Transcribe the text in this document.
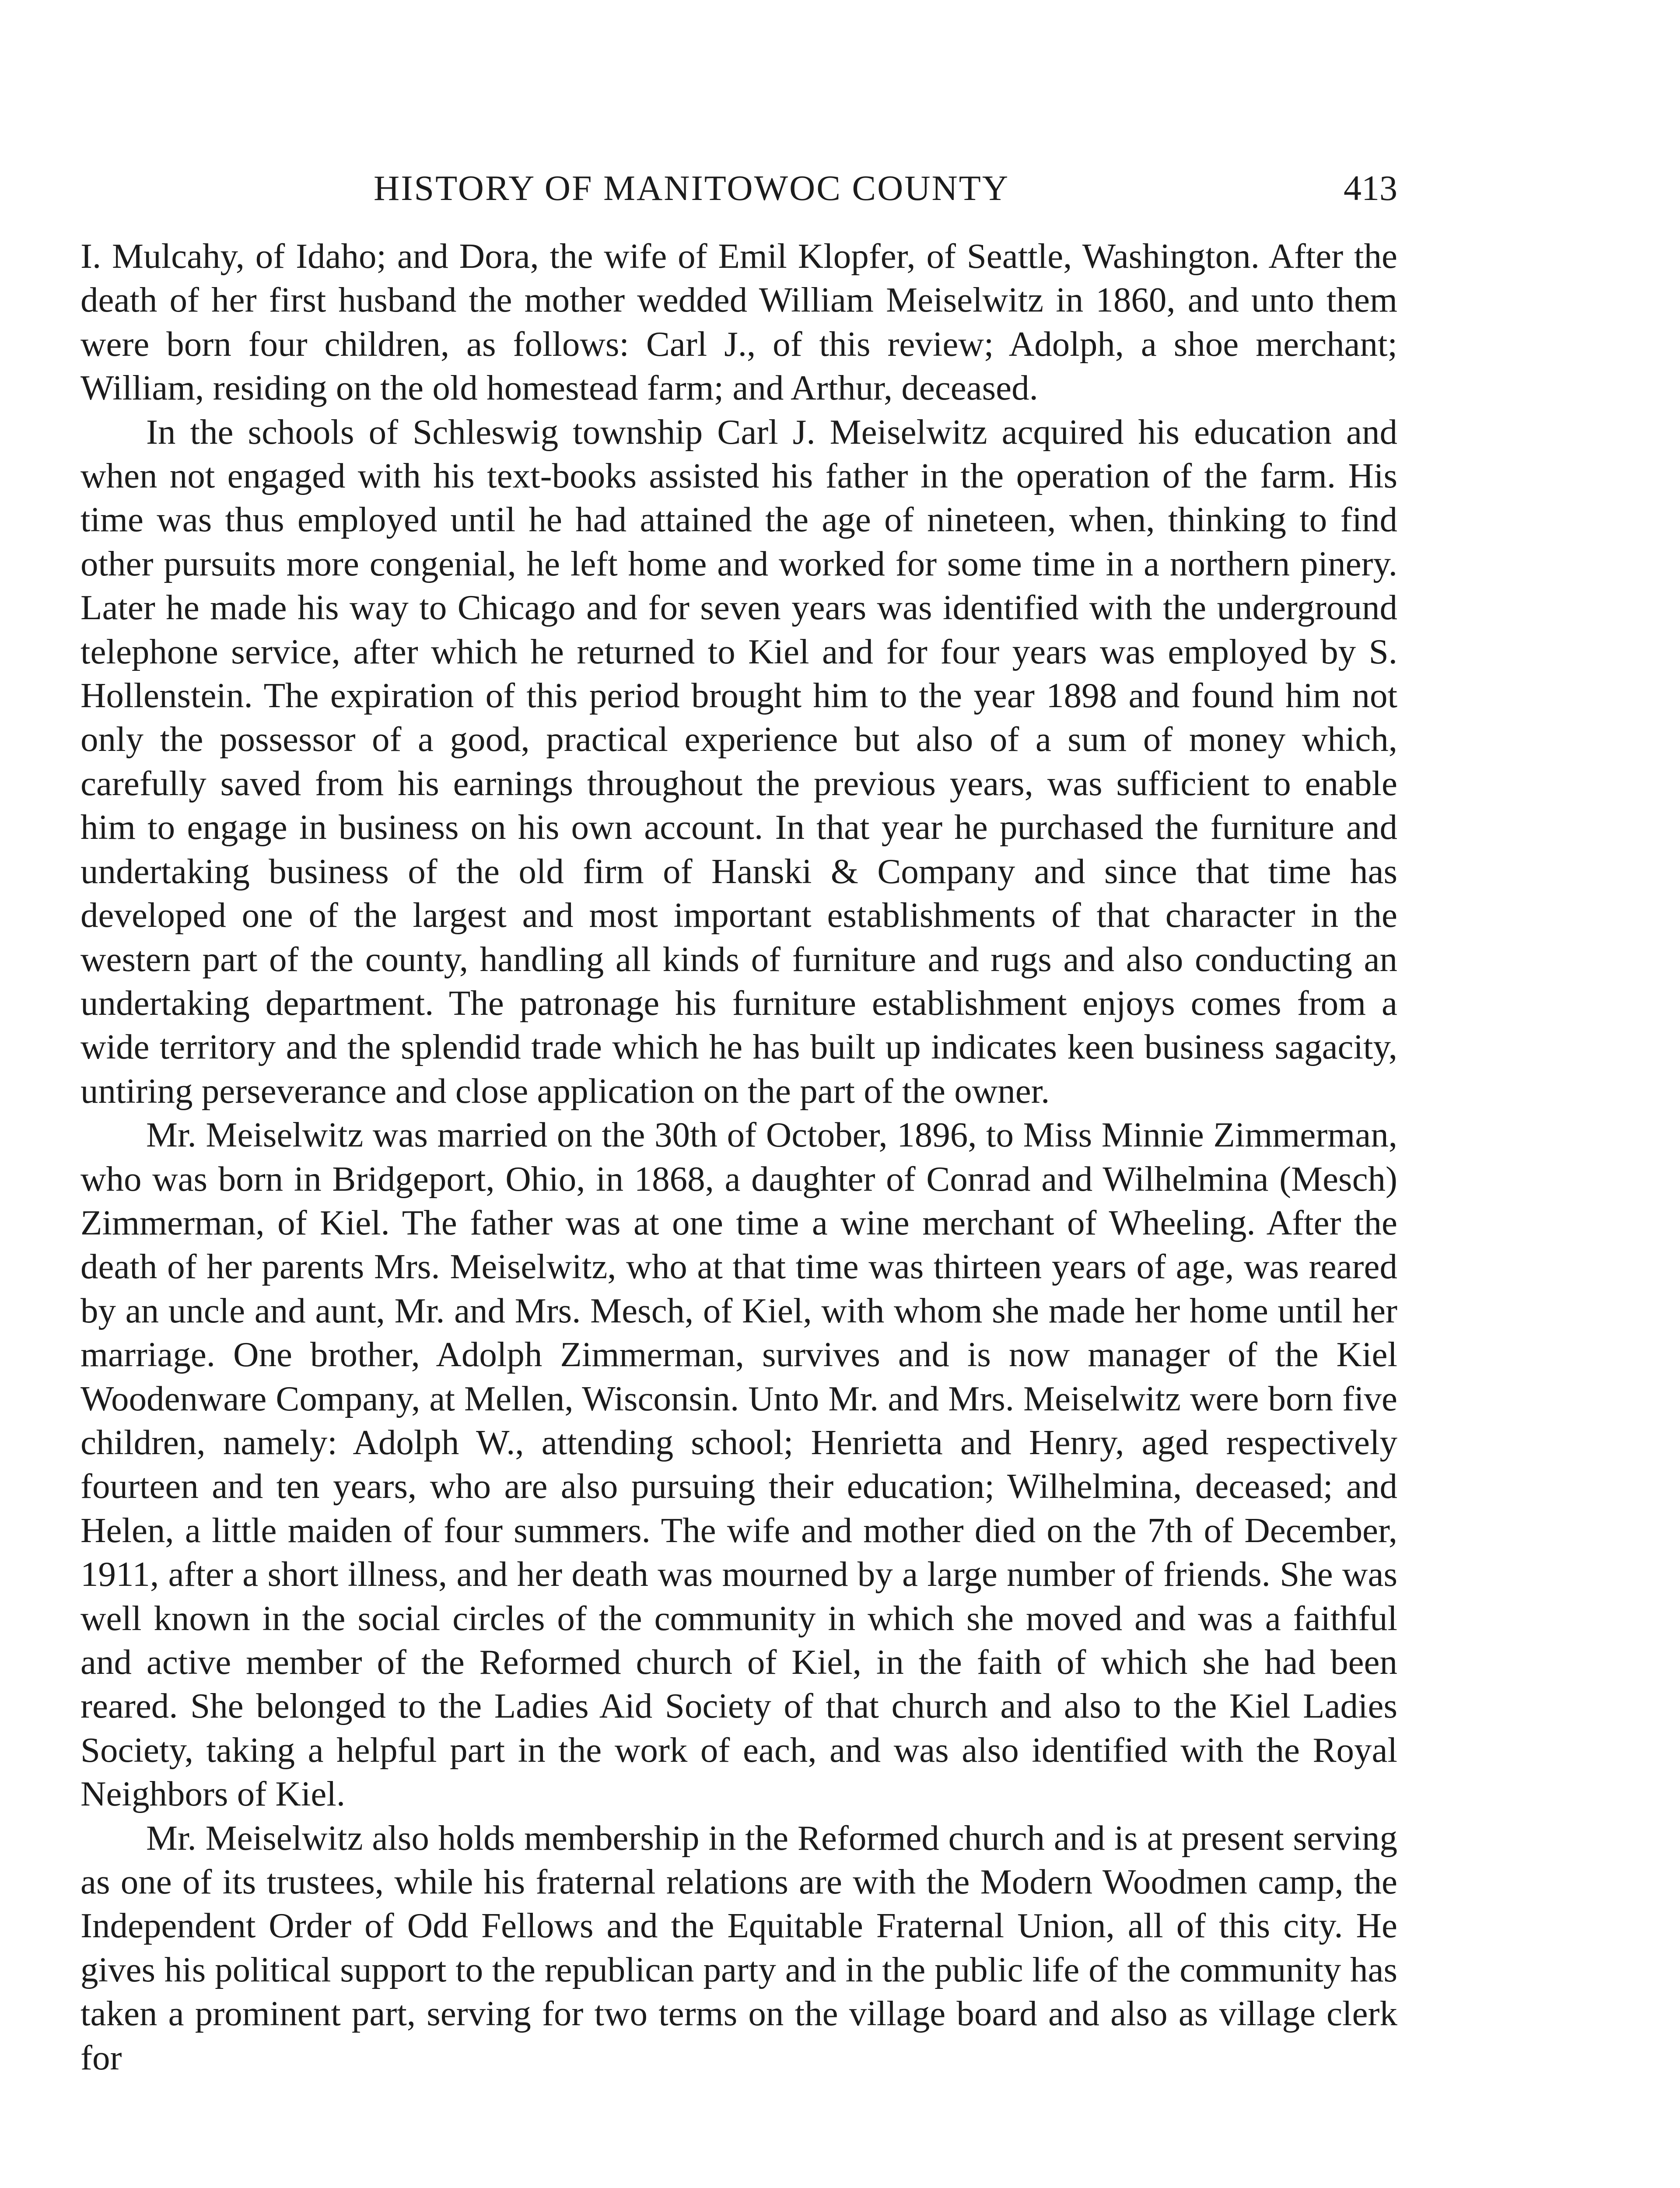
HISTORY OF MANITOWOC COUNTY	413

I. Mulcahy, of Idaho; and Dora, the wife of Emil Klopfer, of Seattle, Washington. After the death of her first husband the mother wedded William Meiselwitz in 1860, and unto them were born four children, as follows: Carl J., of this review; Adolph, a shoe merchant; William, residing on the old homestead farm; and Arthur, deceased.

In the schools of Schleswig township Carl J. Meiselwitz acquired his education and when not engaged with his text-books assisted his father in the operation of the farm. His time was thus employed until he had attained the age of nineteen, when, thinking to find other pursuits more congenial, he left home and worked for some time in a northern pinery. Later he made his way to Chicago and for seven years was identified with the underground telephone service, after which he returned to Kiel and for four years was employed by S. Hollenstein. The expiration of this period brought him to the year 1898 and found him not only the possessor of a good, practical experience but also of a sum of money which, carefully saved from his earnings throughout the previous years, was sufficient to enable him to engage in business on his own account. In that year he purchased the furniture and undertaking business of the old firm of Hanski & Company and since that time has developed one of the largest and most important establishments of that character in the western part of the county, handling all kinds of furniture and rugs and also conducting an undertaking department. The patronage his furniture establishment enjoys comes from a wide territory and the splendid trade which he has built up indicates keen business sagacity, untiring perseverance and close application on the part of the owner.

Mr. Meiselwitz was married on the 30th of October, 1896, to Miss Minnie Zimmerman, who was born in Bridgeport, Ohio, in 1868, a daughter of Conrad and Wilhelmina (Mesch) Zimmerman, of Kiel. The father was at one time a wine merchant of Wheeling. After the death of her parents Mrs. Meiselwitz, who at that time was thirteen years of age, was reared by an uncle and aunt, Mr. and Mrs. Mesch, of Kiel, with whom she made her home until her marriage. One brother, Adolph Zimmerman, survives and is now manager of the Kiel Woodenware Company, at Mellen, Wisconsin. Unto Mr. and Mrs. Meiselwitz were born five children, namely: Adolph W., attending school; Henrietta and Henry, aged respectively fourteen and ten years, who are also pursuing their education; Wilhelmina, deceased; and Helen, a little maiden of four summers. The wife and mother died on the 7th of December, 1911, after a short illness, and her death was mourned by a large number of friends. She was well known in the social circles of the community in which she moved and was a faithful and active member of the Reformed church of Kiel, in the faith of which she had been reared. She belonged to the Ladies Aid Society of that church and also to the Kiel Ladies Society, taking a helpful part in the work of each, and was also identified with the Royal Neighbors of Kiel.

Mr. Meiselwitz also holds membership in the Reformed church and is at present serving as one of its trustees, while his fraternal relations are with the Modern Woodmen camp, the Independent Order of Odd Fellows and the Equitable Fraternal Union, all of this city. He gives his political support to the republican party and in the public life of the community has taken a prominent part, serving for two terms on the village board and also as village clerk for
